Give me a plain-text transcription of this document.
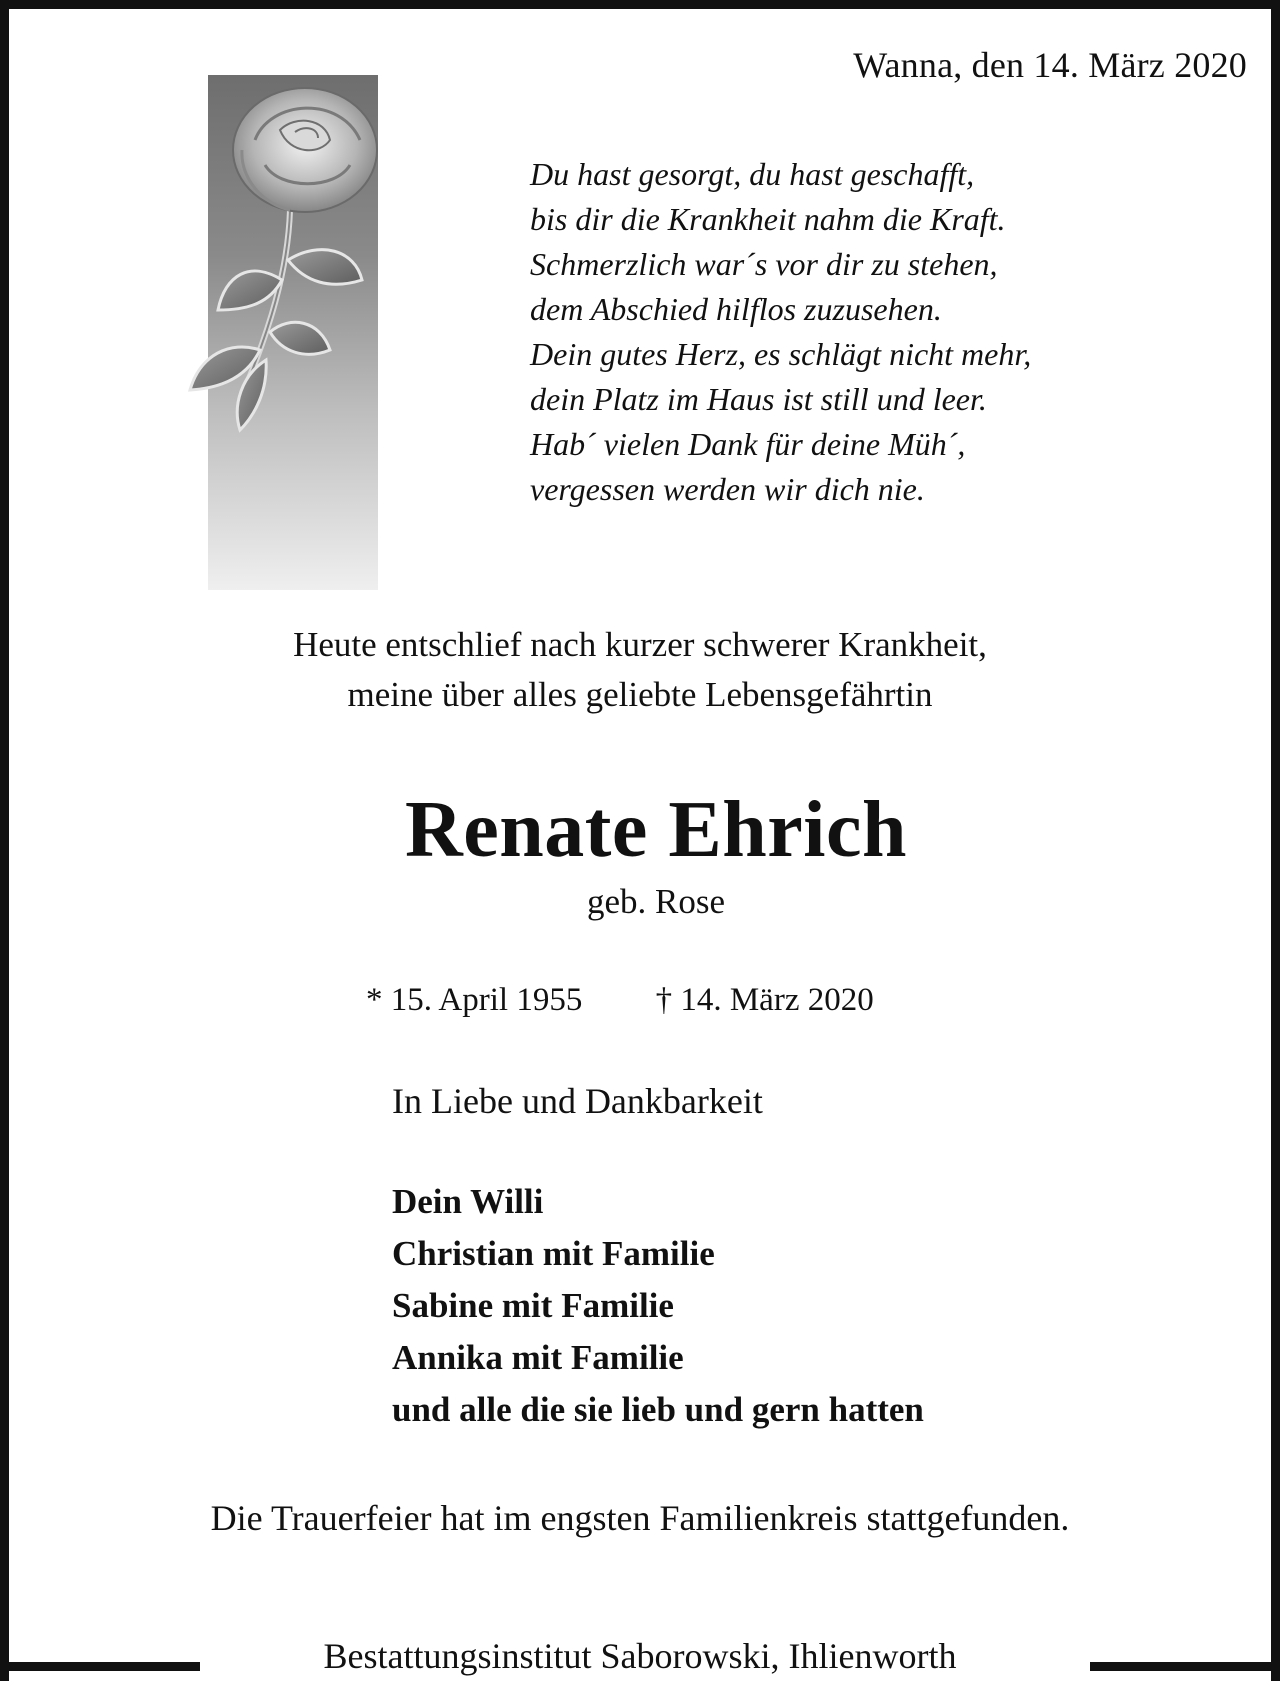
Wanna, den 14. März 2020
Du hast gesorgt, du hast geschafft,
bis dir die Krankheit nahm die Kraft.
Schmerzlich war´s vor dir zu stehen,
dem Abschied hilflos zuzusehen.
Dein gutes Herz, es schlägt nicht mehr,
dein Platz im Haus ist still und leer.
Hab´ vielen Dank für deine Müh´,
vergessen werden wir dich nie.
Heute entschlief nach kurzer schwerer Krankheit,
meine über alles geliebte Lebensgefährtin
Renate Ehrich
geb. Rose
* 15. April 1955 † 14. März 2020
In Liebe und Dankbarkeit
Dein Willi
Christian mit Familie
Sabine mit Familie
Annika mit Familie
und alle die sie lieb und gern hatten
Die Trauerfeier hat im engsten Familienkreis stattgefunden.
Bestattungsinstitut Saborowski, Ihlienworth
